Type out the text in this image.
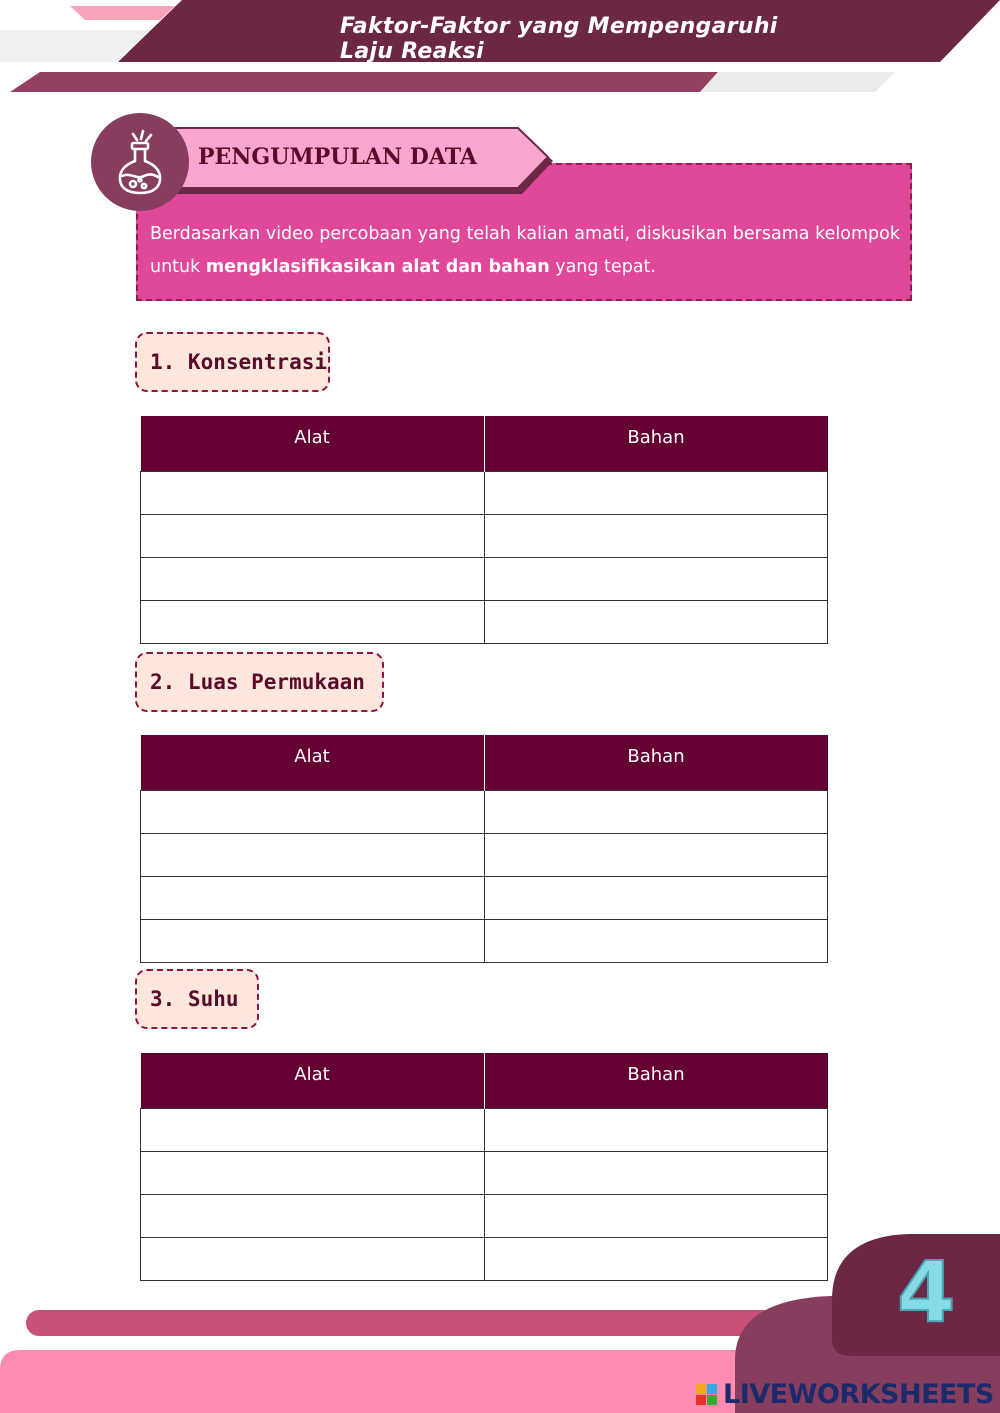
Faktor-Faktor yang Mempengaruhi Laju Reaksi
PENGUMPULAN DATA
Berdasarkan video percobaan yang telah kalian amati, diskusikan bersama kelompok untuk mengklasifikasikan alat dan bahan yang tepat.
1. Konsentrasi
Alat	Bahan

2. Luas Permukaan
Alat	Bahan

3. Suhu
Alat	Bahan

4
LIVEWORKSHEETS
